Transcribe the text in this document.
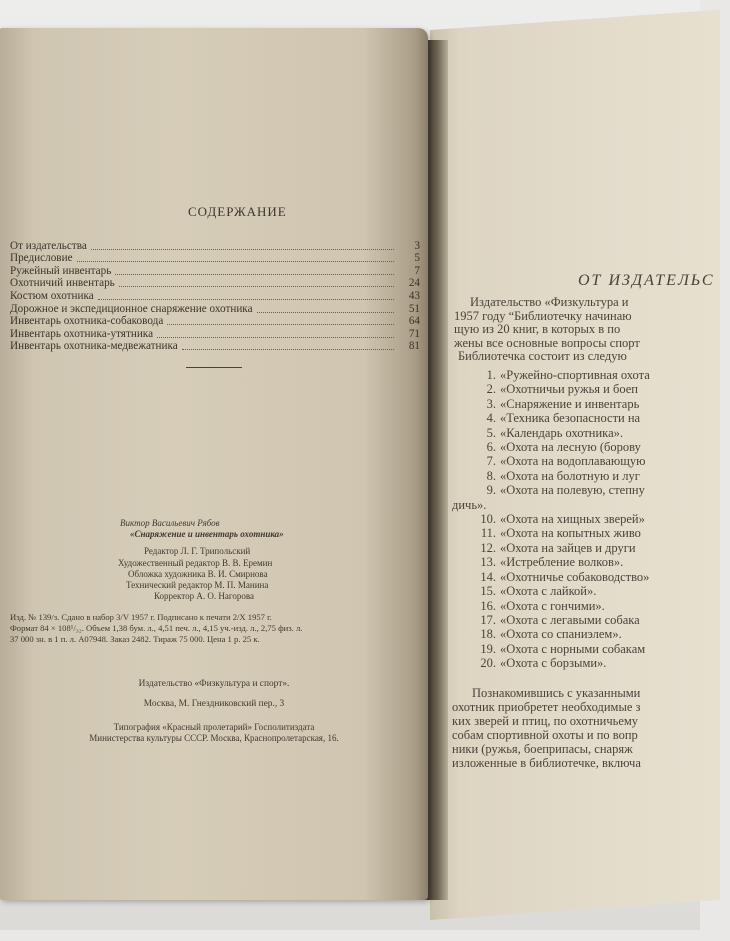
ОТ ИЗДАТЕЛЬС
Издательство «Физкультура и
1957 году “Библиотечку начинаю
щую из 20 книг, в которых в по
жены все основные вопросы спорт
Библиотечка состоит из следую
1. «Ружейно-спортивная охота
2. «Охотничьи ружья и боеп
3. «Снаряжение и инвентарь
4. «Техника безопасности на
5. «Календарь охотника».
6. «Охота на лесную (борову
7. «Охота на водоплавающую
8. «Охота на болотную и луг
9. «Охота на полевую, степну
дичь».
10. «Охота на хищных зверей»
11. «Охота на копытных живо
12. «Охота на зайцев и други
13. «Истребление волков».
14. «Охотничье собаководство»
15. «Охота с лайкой».
16. «Охота с гончими».
17. «Охота с легавыми собака
18. «Охота со спаниэлем».
19. «Охота с норными собакам
20. «Охота с борзыми».
Познакомившись с указанными
охотник приобретет необходимые з
ких зверей и птиц, по охотничьему
собам спортивной охоты и по вопр
ники (ружья, боеприпасы, снаряж
изложенные в библиотечке, включа
СОДЕРЖАНИЕ
От издательства	3
Предисловие	5
Ружейный инвентарь	7
Охотничий инвентарь	24
Костюм охотника	43
Дорожное и экспедиционное снаряжение охотника	51
Инвентарь охотника-собаковода	64
Инвентарь охотника-утятника	71
Инвентарь охотника-медвежатника	81
Виктор Васильевич Рябов
«Снаряжение и инвентарь охотника»
Редактор Л. Г. Трипольский
Художественный редактор В. В. Еремин
Обложка художника В. И. Смирнова
Технический редактор М. П. Манина
Корректор А. О. Нагорова
Изд. № 139/з. Сдано в набор 3/V 1957 г. Подписано к печати 2/X 1957 г.
Формат 84 × 108¹/₃₂. Объем 1,38 бум. л., 4,51 печ. л., 4,15 уч.-изд. л., 2,75 физ. л.
37 000 зн. в 1 п. л. А07948. Заказ 2482. Тираж 75 000. Цена 1 р. 25 к.
Издательство «Физкультура и спорт».
Москва, М. Гнездниковский пер., 3
Типография «Красный пролетарий» Госполитиздата
Министерства культуры СССР. Москва, Краснопролетарская, 16.
